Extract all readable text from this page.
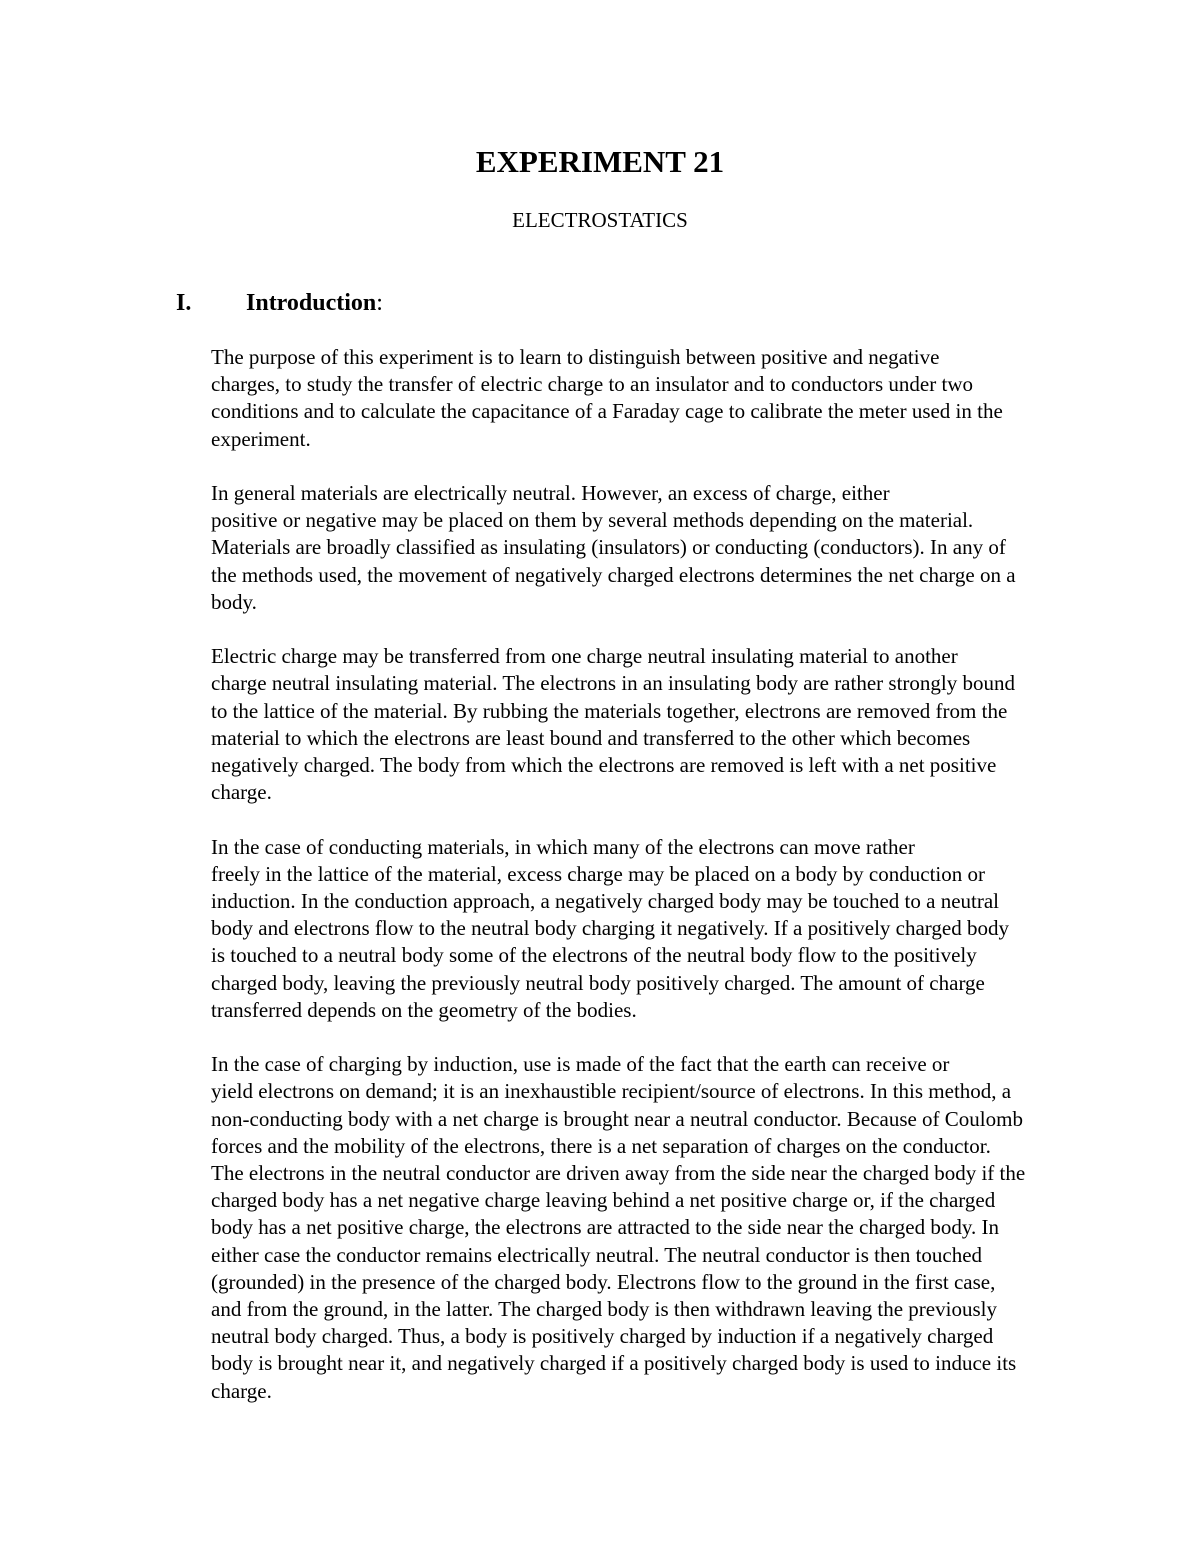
EXPERIMENT 21
ELECTROSTATICS
I. Introduction:

The purpose of this experiment is to learn to distinguish between positive and negative
charges, to study the transfer of electric charge to an insulator and to conductors under two
conditions and to calculate the capacitance of a Faraday cage to calibrate the meter used in the
experiment.

In general materials are electrically neutral. However, an excess of charge, either
positive or negative may be placed on them by several methods depending on the material.
Materials are broadly classified as insulating (insulators) or conducting (conductors). In any of
the methods used, the movement of negatively charged electrons determines the net charge on a
body.

Electric charge may be transferred from one charge neutral insulating material to another
charge neutral insulating material. The electrons in an insulating body are rather strongly bound
to the lattice of the material. By rubbing the materials together, electrons are removed from the
material to which the electrons are least bound and transferred to the other which becomes
negatively charged. The body from which the electrons are removed is left with a net positive
charge.

In the case of conducting materials, in which many of the electrons can move rather
freely in the lattice of the material, excess charge may be placed on a body by conduction or
induction. In the conduction approach, a negatively charged body may be touched to a neutral
body and electrons flow to the neutral body charging it negatively. If a positively charged body
is touched to a neutral body some of the electrons of the neutral body flow to the positively
charged body, leaving the previously neutral body positively charged. The amount of charge
transferred depends on the geometry of the bodies.

In the case of charging by induction, use is made of the fact that the earth can receive or
yield electrons on demand; it is an inexhaustible recipient/source of electrons. In this method, a
non-conducting body with a net charge is brought near a neutral conductor. Because of Coulomb
forces and the mobility of the electrons, there is a net separation of charges on the conductor.
The electrons in the neutral conductor are driven away from the side near the charged body if the
charged body has a net negative charge leaving behind a net positive charge or, if the charged
body has a net positive charge, the electrons are attracted to the side near the charged body. In
either case the conductor remains electrically neutral. The neutral conductor is then touched
(grounded) in the presence of the charged body. Electrons flow to the ground in the first case,
and from the ground, in the latter. The charged body is then withdrawn leaving the previously
neutral body charged. Thus, a body is positively charged by induction if a negatively charged
body is brought near it, and negatively charged if a positively charged body is used to induce its
charge.
